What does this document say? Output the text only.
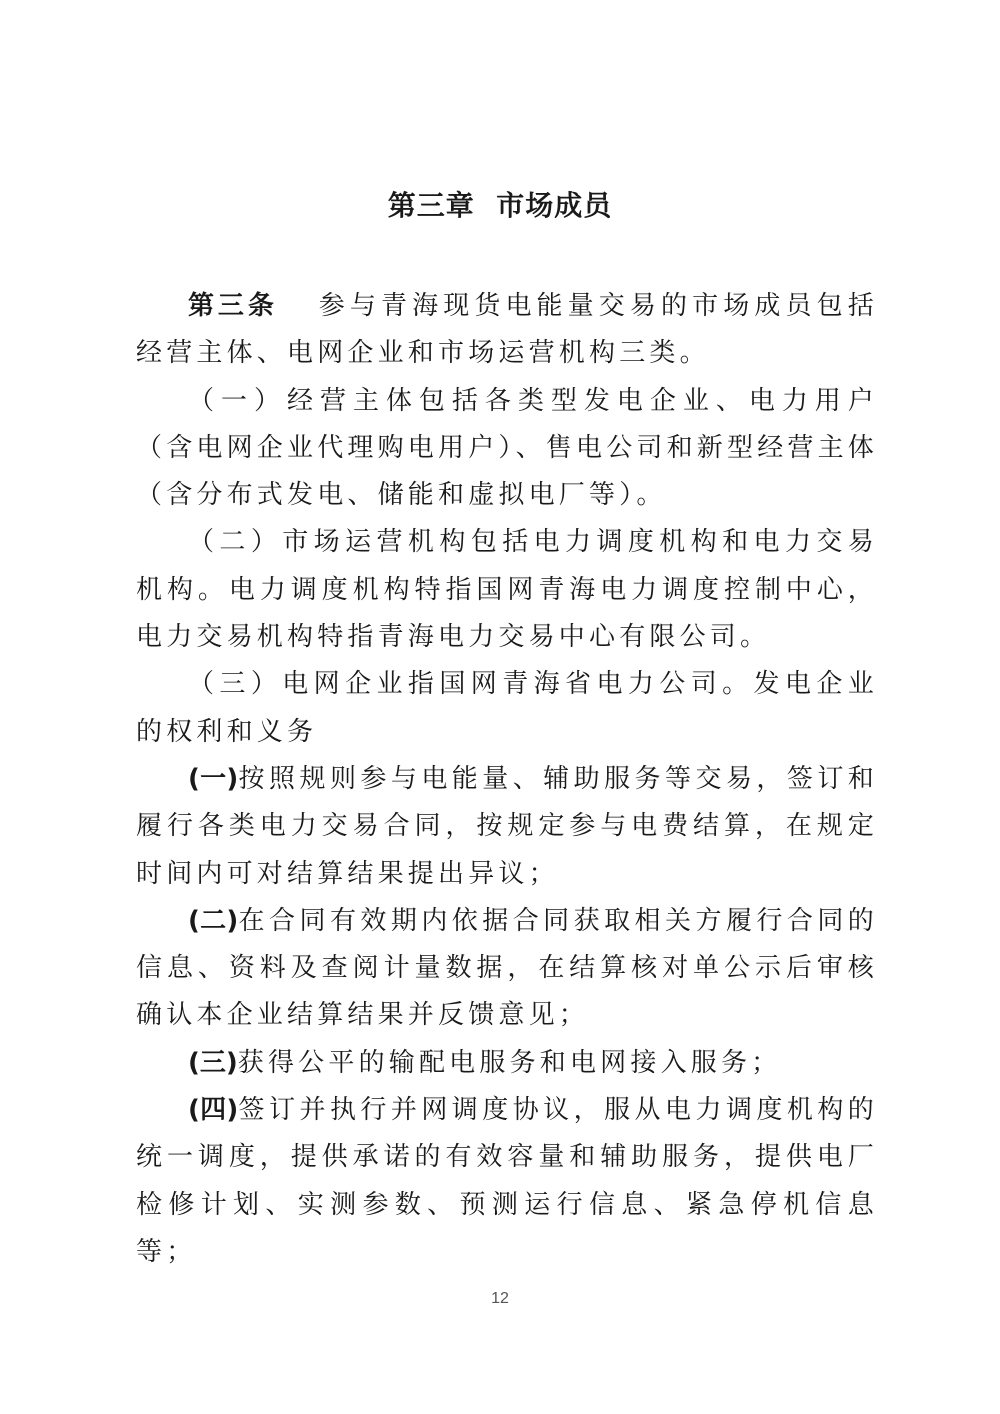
第三章  市场成员

第三条 参与青海现货电能量交易的市场成员包括经营主体、电网企业和市场运营机构三类。

（一）经营主体包括各类型发电企业、电力用户（含电网企业代理购电用户）、售电公司和新型经营主体（含分布式发电、储能和虚拟电厂等）。

（二）市场运营机构包括电力调度机构和电力交易机构。电力调度机构特指国网青海电力调度控制中心，电力交易机构特指青海电力交易中心有限公司。

（三）电网企业指国网青海省电力公司。发电企业的权利和义务

(一)按照规则参与电能量、辅助服务等交易，签订和履行各类电力交易合同，按规定参与电费结算，在规定时间内可对结算结果提出异议；

(二)在合同有效期内依据合同获取相关方履行合同的信息、资料及查阅计量数据，在结算核对单公示后审核确认本企业结算结果并反馈意见；

(三)获得公平的输配电服务和电网接入服务；

(四)签订并执行并网调度协议，服从电力调度机构的统一调度，提供承诺的有效容量和辅助服务，提供电厂检修计划、实测参数、预测运行信息、紧急停机信息等；

12
